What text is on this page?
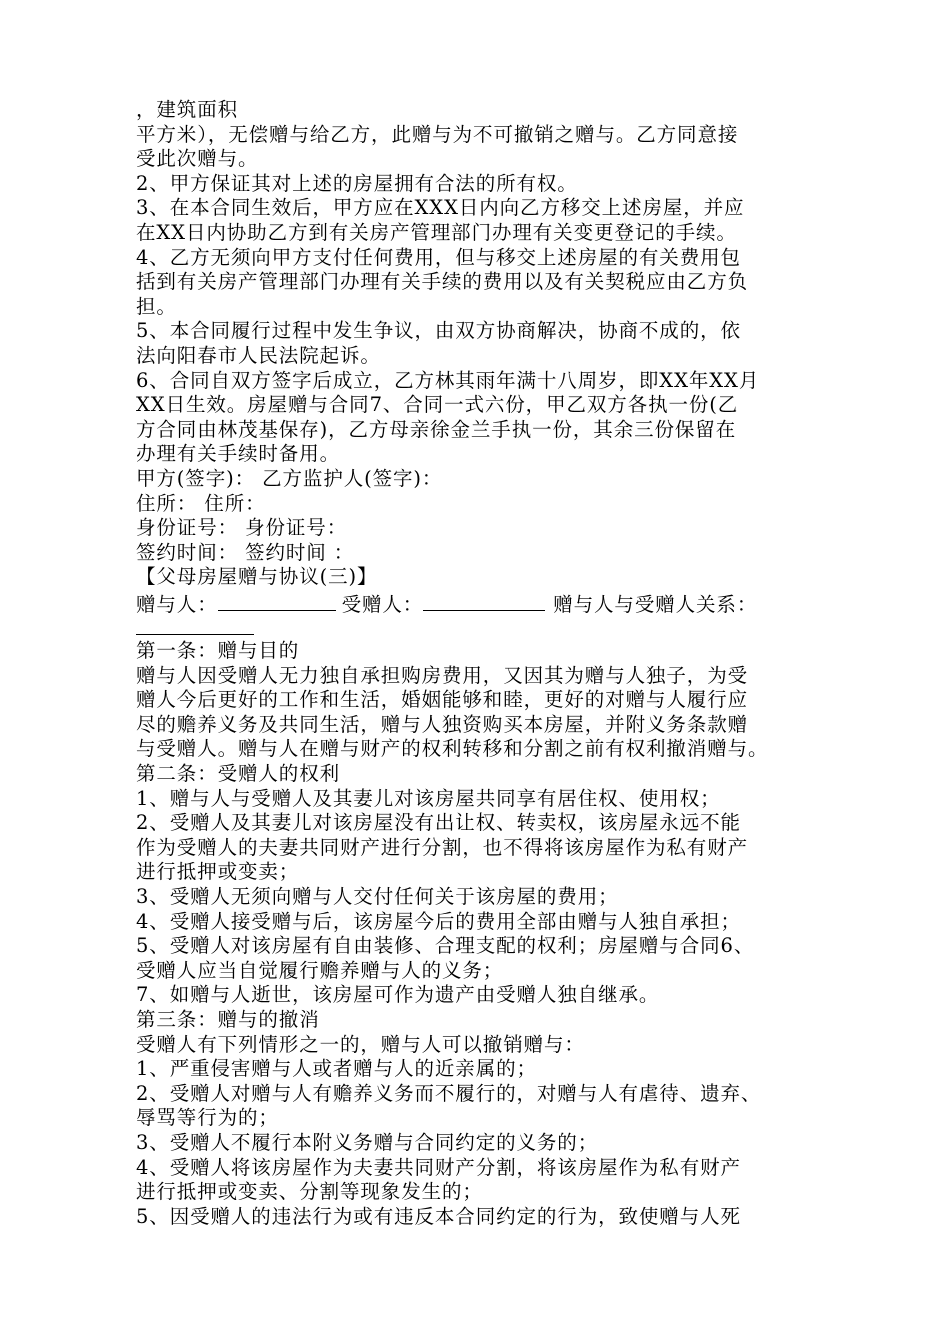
，建筑面积
平方米），无偿赠与给乙方，此赠与为不可撤销之赠与。乙方同意接
受此次赠与。
2、甲方保证其对上述的房屋拥有合法的所有权。
3、在本合同生效后，甲方应在XXX日内向乙方移交上述房屋，并应
在XX日内协助乙方到有关房产管理部门办理有关变更登记的手续。
4、乙方无须向甲方支付任何费用，但与移交上述房屋的有关费用包
括到有关房产管理部门办理有关手续的费用以及有关契税应由乙方负
担。
5、本合同履行过程中发生争议，由双方协商解决，协商不成的，依
法向阳春市人民法院起诉。
6、合同自双方签字后成立，乙方林其雨年满十八周岁，即XX年XX月
XX日生效。房屋赠与合同7、合同一式六份，甲乙双方各执一份(乙
方合同由林茂基保存)，乙方母亲徐金兰手执一份，其余三份保留在
办理有关手续时备用。
甲方(签字)： 乙方监护人(签字)：
住所： 住所：
身份证号： 身份证号：
签约时间： 签约时间 ：
【父母房屋赠与协议(三)】
赠与人：	受赠人：	赠与人与受赠人关系：
第一条：赠与目的
赠与人因受赠人无力独自承担购房费用，又因其为赠与人独子，为受
赠人今后更好的工作和生活，婚姻能够和睦，更好的对赠与人履行应
尽的赡养义务及共同生活，赠与人独资购买本房屋，并附义务条款赠
与受赠人。赠与人在赠与财产的权利转移和分割之前有权利撤消赠与。
第二条：受赠人的权利
1、赠与人与受赠人及其妻儿对该房屋共同享有居住权、使用权；
2、受赠人及其妻儿对该房屋没有出让权、转卖权，该房屋永远不能
作为受赠人的夫妻共同财产进行分割，也不得将该房屋作为私有财产
进行抵押或变卖；
3、受赠人无须向赠与人交付任何关于该房屋的费用；
4、受赠人接受赠与后，该房屋今后的费用全部由赠与人独自承担；
5、受赠人对该房屋有自由装修、合理支配的权利；房屋赠与合同6、
受赠人应当自觉履行赡养赠与人的义务；
7、如赠与人逝世，该房屋可作为遗产由受赠人独自继承。
第三条：赠与的撤消
受赠人有下列情形之一的，赠与人可以撤销赠与：
1、严重侵害赠与人或者赠与人的近亲属的；
2、受赠人对赠与人有赡养义务而不履行的，对赠与人有虐待、遗弃、
辱骂等行为的；
3、受赠人不履行本附义务赠与合同约定的义务的；
4、受赠人将该房屋作为夫妻共同财产分割，将该房屋作为私有财产
进行抵押或变卖、分割等现象发生的；
5、因受赠人的违法行为或有违反本合同约定的行为，致使赠与人死
